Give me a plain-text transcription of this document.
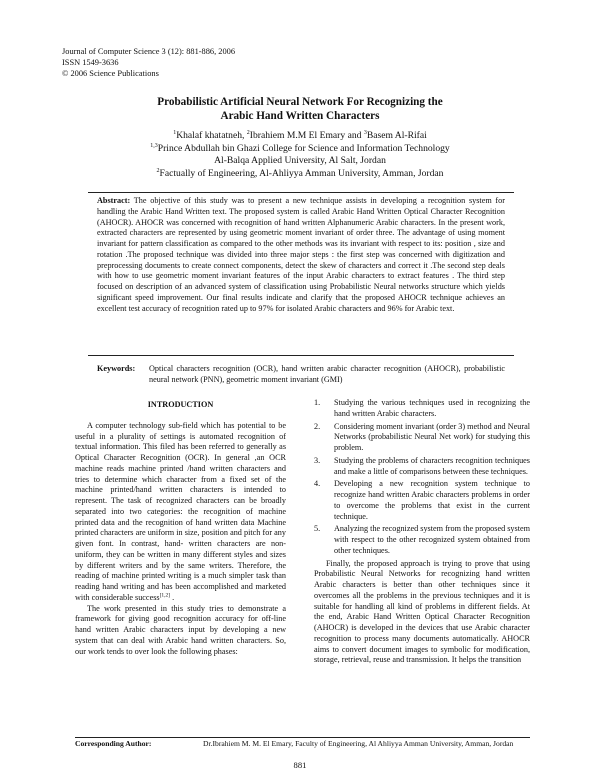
Journal of Computer Science 3 (12): 881-886, 2006
ISSN 1549-3636
© 2006 Science Publications
Probabilistic Artificial Neural Network For Recognizing the
Arabic Hand Written Characters
$^1$Khalaf khatatneh, $^2$Ibrahiem M.M El Emary and $^3$Basem Al-Rifai
$^{1,3}$Prince Abdullah bin Ghazi College for Science and Information Technology
Al-Balqa Applied University, Al Salt, Jordan
$^2$Factually of Engineering, Al-Ahliyya Amman University, Amman, Jordan
Abstract: The objective of this study was to present a new technique assists in developing a recognition system for handling the Arabic Hand Written text. The proposed system is called Arabic Hand Written Optical Character Recognition (AHOCR). AHOCR was concerned with recognition of hand written Alphanumeric Arabic characters. In the present work, extracted characters are represented by using geometric moment invariant of order three. The advantage of using moment invariant for pattern classification as compared to the other methods was its invariant with respect to its: position , size and rotation .The proposed technique was divided into three major steps : the first step was concerned with digitization and preprocessing documents to create connect components, detect the skew of characters and correct it .The second step deals with how to use geometric moment invariant features of the input Arabic characters to extract features . The third step focused on description of an advanced system of classification using Probabilistic Neural networks structure which yields significant speed improvement. Our final results indicate and clarify that the proposed AHOCR technique achieves an excellent test accuracy of recognition rated up to 97% for isolated Arabic characters and 96% for Arabic text.
Keywords: Optical characters recognition (OCR), hand written arabic character recognition (AHOCR), probabilistic neural network (PNN), geometric moment invariant (GMI)
INTRODUCTION

A computer technology sub-field which has potential to be useful in a plurality of settings is automated recognition of textual information. This filed has been referred to generally as Optical Character Recognition (OCR). In general ,an OCR machine reads machine printed /hand written characters and tries to determine which character from a fixed set of the machine printed/hand written characters is intended to represent. The task of recognized characters can be broadly separated into two categories: the recognition of machine printed data and the recognition of hand written data Machine printed characters are uniform in size, position and pitch for any given font. In contrast, hand- written characters are non-uniform, they can be written in many different styles and sizes by different writers and by the same writers. Therefore, the reading of machine printed writing is a much simpler task than reading hand writing and has been accomplished and marketed with considerable success[1,2] .

The work presented in this study tries to demonstrate a framework for giving good recognition accuracy for off-line hand written Arabic characters input by developing a new system that can deal with Arabic hand written characters. So, our work tends to over look the following phases:

1. Studying the various techniques used in recognizing the hand written Arabic characters.
2. Considering moment invariant (order 3) method and Neural Networks (probabilistic Neural Net work) for studying this problem.
3. Studying the problems of characters recognition techniques and make a little of comparisons between these techniques.
4. Developing a new recognition system technique to recognize hand written Arabic characters problems in order to overcome the problems that exist in the current technique.
5. Analyzing the recognized system from the proposed system with respect to the other recognized system obtained from other techniques.

Finally, the proposed approach is trying to prove that using Probabilistic Neural Networks for recognizing hand written Arabic characters is better than other techniques since it overcomes all the problems in the previous techniques and it is suitable for handling all kind of problems in different fields. At the end, Arabic Hand Written Optical Character Recognition (AHOCR) is developed in the devices that use Arabic character recognition to process many documents automatically. AHOCR aims to convert document images to symbolic for modification, storage, retrieval, reuse and transmission. It helps the transition

Corresponding Author:	Dr.Ibrahiem M. M. El Emary, Faculty of Engineering, Al Ahliyya Amman University, Amman, Jordan
881
